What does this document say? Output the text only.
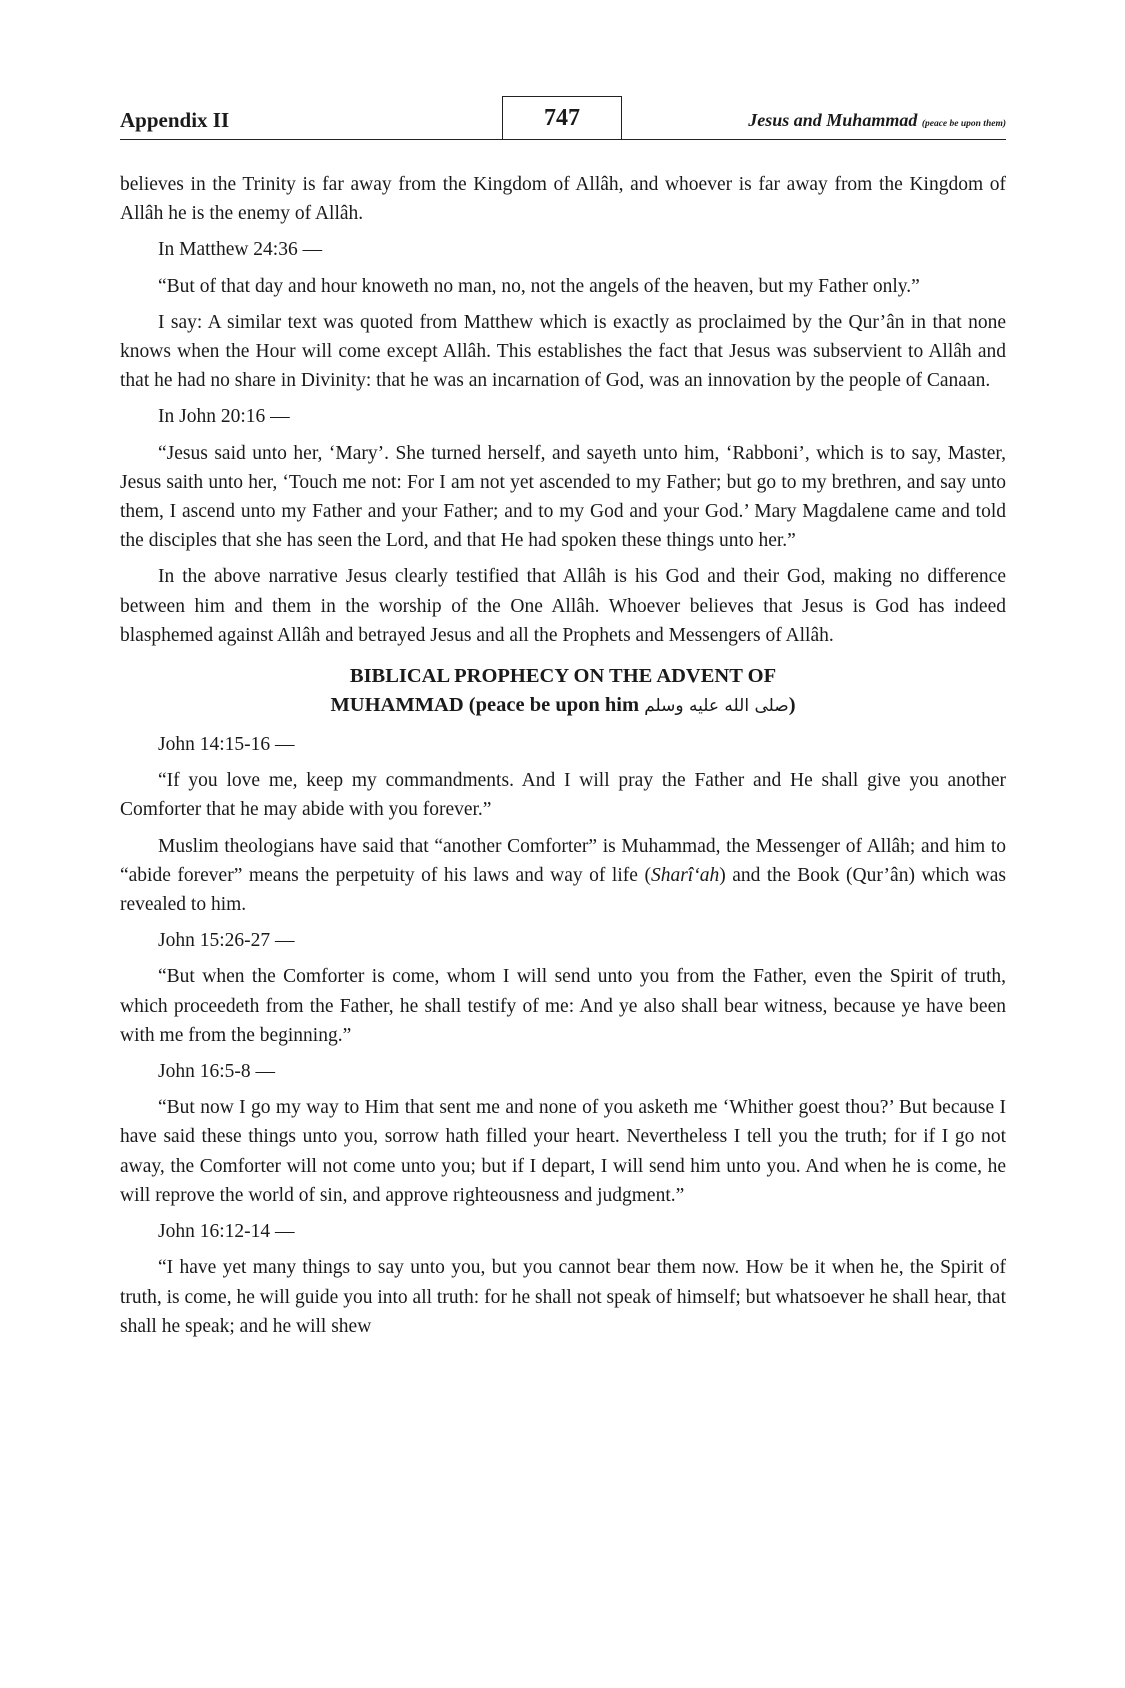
Appendix II	747	Jesus and Muhammad (peace be upon them)

believes in the Trinity is far away from the Kingdom of Allâh, and whoever is far away from the Kingdom of Allâh he is the enemy of Allâh.

In Matthew 24:36 —

“But of that day and hour knoweth no man, no, not the angels of the heaven, but my Father only.”

I say: A similar text was quoted from Matthew which is exactly as proclaimed by the Qur’ân in that none knows when the Hour will come except Allâh. This establishes the fact that Jesus was subservient to Allâh and that he had no share in Divinity: that he was an incarnation of God, was an innovation by the people of Canaan.

In John 20:16 —

“Jesus said unto her, ‘Mary’. She turned herself, and sayeth unto him, ‘Rabboni’, which is to say, Master, Jesus saith unto her, ‘Touch me not: For I am not yet ascended to my Father; but go to my brethren, and say unto them, I ascend unto my Father and your Father; and to my God and your God.’ Mary Magdalene came and told the disciples that she has seen the Lord, and that He had spoken these things unto her.”

In the above narrative Jesus clearly testified that Allâh is his God and their God, making no difference between him and them in the worship of the One Allâh. Whoever believes that Jesus is God has indeed blasphemed against Allâh and betrayed Jesus and all the Prophets and Messengers of Allâh.

BIBLICAL PROPHECY ON THE ADVENT OF
MUHAMMAD (peace be upon him صلى الله عليه وسلم)

John 14:15-16 —

“If you love me, keep my commandments. And I will pray the Father and He shall give you another Comforter that he may abide with you forever.”

Muslim theologians have said that “another Comforter” is Muhammad, the Messenger of Allâh; and him to “abide forever” means the perpetuity of his laws and way of life (Sharî‘ah) and the Book (Qur’ân) which was revealed to him.

John 15:26-27 —

“But when the Comforter is come, whom I will send unto you from the Father, even the Spirit of truth, which proceedeth from the Father, he shall testify of me: And ye also shall bear witness, because ye have been with me from the beginning.”

John 16:5-8 —

“But now I go my way to Him that sent me and none of you asketh me ‘Whither goest thou?’ But because I have said these things unto you, sorrow hath filled your heart. Nevertheless I tell you the truth; for if I go not away, the Comforter will not come unto you; but if I depart, I will send him unto you. And when he is come, he will reprove the world of sin, and approve righteousness and judgment.”

John 16:12-14 —

“I have yet many things to say unto you, but you cannot bear them now. How be it when he, the Spirit of truth, is come, he will guide you into all truth: for he shall not speak of himself; but whatsoever he shall hear, that shall he speak; and he will shew
